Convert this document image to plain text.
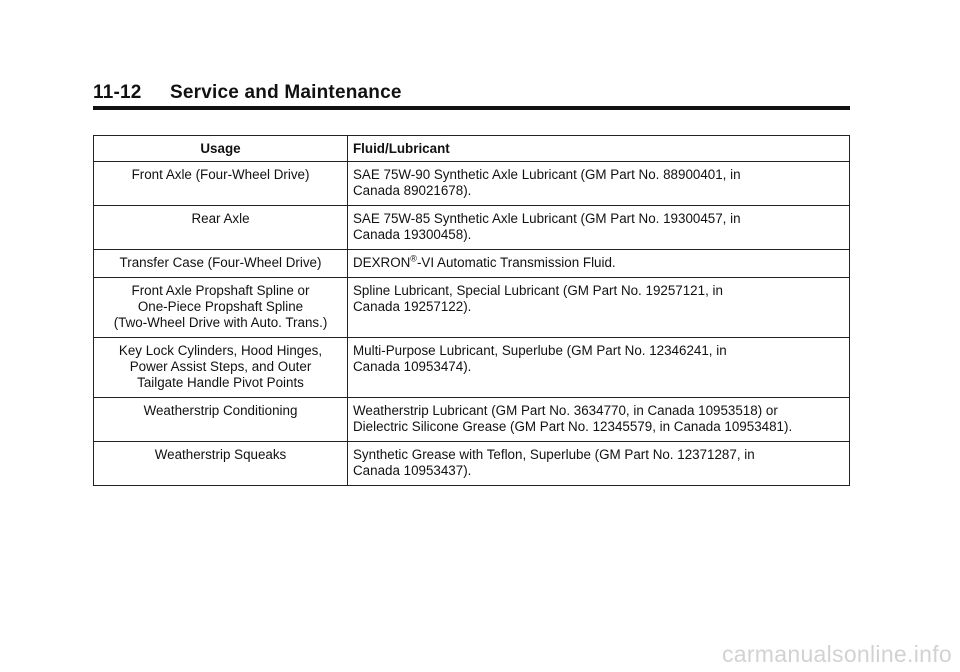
11-12 Service and Maintenance
Usage	Fluid/Lubricant

Front Axle (Four-Wheel Drive)	SAE 75W-90 Synthetic Axle Lubricant (GM Part No. 88900401, in
Canada 89021678).

Rear Axle	SAE 75W-85 Synthetic Axle Lubricant (GM Part No. 19300457, in
Canada 19300458).

Transfer Case (Four-Wheel Drive)	DEXRON®-VI Automatic Transmission Fluid.

Front Axle Propshaft Spline or
One-Piece Propshaft Spline
(Two-Wheel Drive with Auto. Trans.)	Spline Lubricant, Special Lubricant (GM Part No. 19257121, in
Canada 19257122).

Key Lock Cylinders, Hood Hinges,
Power Assist Steps, and Outer
Tailgate Handle Pivot Points	Multi-Purpose Lubricant, Superlube (GM Part No. 12346241, in
Canada 10953474).

Weatherstrip Conditioning	Weatherstrip Lubricant (GM Part No. 3634770, in Canada 10953518) or
Dielectric Silicone Grease (GM Part No. 12345579, in Canada 10953481).

Weatherstrip Squeaks	Synthetic Grease with Teflon, Superlube (GM Part No. 12371287, in
Canada 10953437).
carmanualsonline.info
